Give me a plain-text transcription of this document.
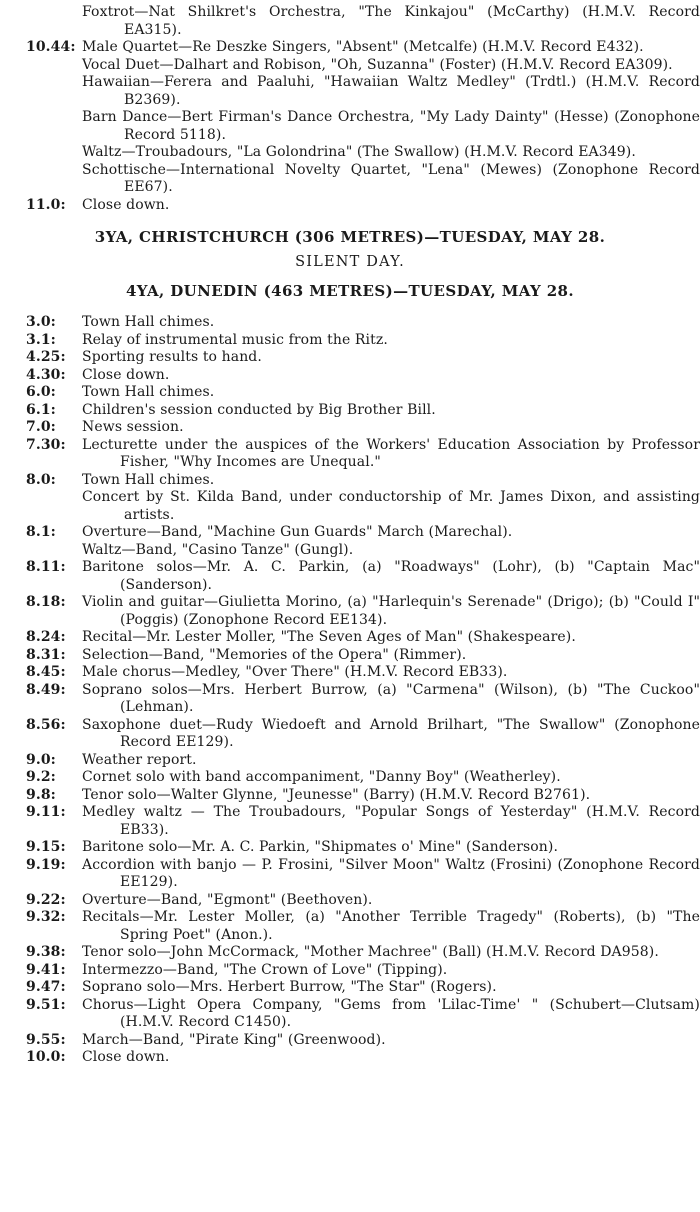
Foxtrot—Nat Shilkret's Orchestra, "The Kinkajou" (McCarthy) (H.M.V. Record EA315).
10.44: Male Quartet—Re Deszke Singers, "Absent" (Metcalfe) (H.M.V. Record E432).
Vocal Duet—Dalhart and Robison, "Oh, Suzanna" (Foster) (H.M.V. Record EA309).
Hawaiian—Ferera and Paaluhi, "Hawaiian Waltz Medley" (Trdtl.) (H.M.V. Record B2369).
Barn Dance—Bert Firman's Dance Orchestra, "My Lady Dainty" (Hesse) (Zonophone Record 5118).
Waltz—Troubadours, "La Golondrina" (The Swallow) (H.M.V. Record EA349).
Schottische—International Novelty Quartet, "Lena" (Mewes) (Zonophone Record EE67).
11.0:	Close down.
3YA, CHRISTCHURCH (306 METRES)—TUESDAY, MAY 28.
SILENT DAY.
4YA, DUNEDIN (463 METRES)—TUESDAY, MAY 28.
3.0:	Town Hall chimes.
3.1:	Relay of instrumental music from the Ritz.
4.25:	Sporting results to hand.
4.30:	Close down.
6.0:	Town Hall chimes.
6.1:	Children's session conducted by Big Brother Bill.
7.0:	News session.
7.30:	Lecturette under the auspices of the Workers' Education Association by Professor Fisher, "Why Incomes are Unequal."
8.0:	Town Hall chimes.
Concert by St. Kilda Band, under conductorship of Mr. James Dixon, and assisting artists.
8.1:	Overture—Band, "Machine Gun Guards" March (Marechal).
Waltz—Band, "Casino Tanze" (Gungl).
8.11:	Baritone solos—Mr. A. C. Parkin, (a) "Roadways" (Lohr), (b) "Captain Mac" (Sanderson).
8.18:	Violin and guitar—Giulietta Morino, (a) "Harlequin's Serenade" (Drigo); (b) "Could I" (Poggis) (Zonophone Record EE134).
8.24:	Recital—Mr. Lester Moller, "The Seven Ages of Man" (Shakespeare).
8.31:	Selection—Band, "Memories of the Opera" (Rimmer).
8.45:	Male chorus—Medley, "Over There" (H.M.V. Record EB33).
8.49:	Soprano solos—Mrs. Herbert Burrow, (a) "Carmena" (Wilson), (b) "The Cuckoo" (Lehman).
8.56:	Saxophone duet—Rudy Wiedoeft and Arnold Brilhart, "The Swallow" (Zonophone Record EE129).
9.0:	Weather report.
9.2:	Cornet solo with band accompaniment, "Danny Boy" (Weatherley).
9.8:	Tenor solo—Walter Glynne, "Jeunesse" (Barry) (H.M.V. Record B2761).
9.11:	Medley waltz — The Troubadours, "Popular Songs of Yesterday" (H.M.V. Record EB33).
9.15:	Baritone solo—Mr. A. C. Parkin, "Shipmates o' Mine" (Sanderson).
9.19:	Accordion with banjo — P. Frosini, "Silver Moon" Waltz (Frosini) (Zonophone Record EE129).
9.22:	Overture—Band, "Egmont" (Beethoven).
9.32:	Recitals—Mr. Lester Moller, (a) "Another Terrible Tragedy" (Roberts), (b) "The Spring Poet" (Anon.).
9.38:	Tenor solo—John McCormack, "Mother Machree" (Ball) (H.M.V. Record DA958).
9.41:	Intermezzo—Band, "The Crown of Love" (Tipping).
9.47:	Soprano solo—Mrs. Herbert Burrow, "The Star" (Rogers).
9.51:	Chorus—Light Opera Company, "Gems from 'Lilac-Time' " (Schubert—Clutsam) (H.M.V. Record C1450).
9.55:	March—Band, "Pirate King" (Greenwood).
10.0:	Close down.
